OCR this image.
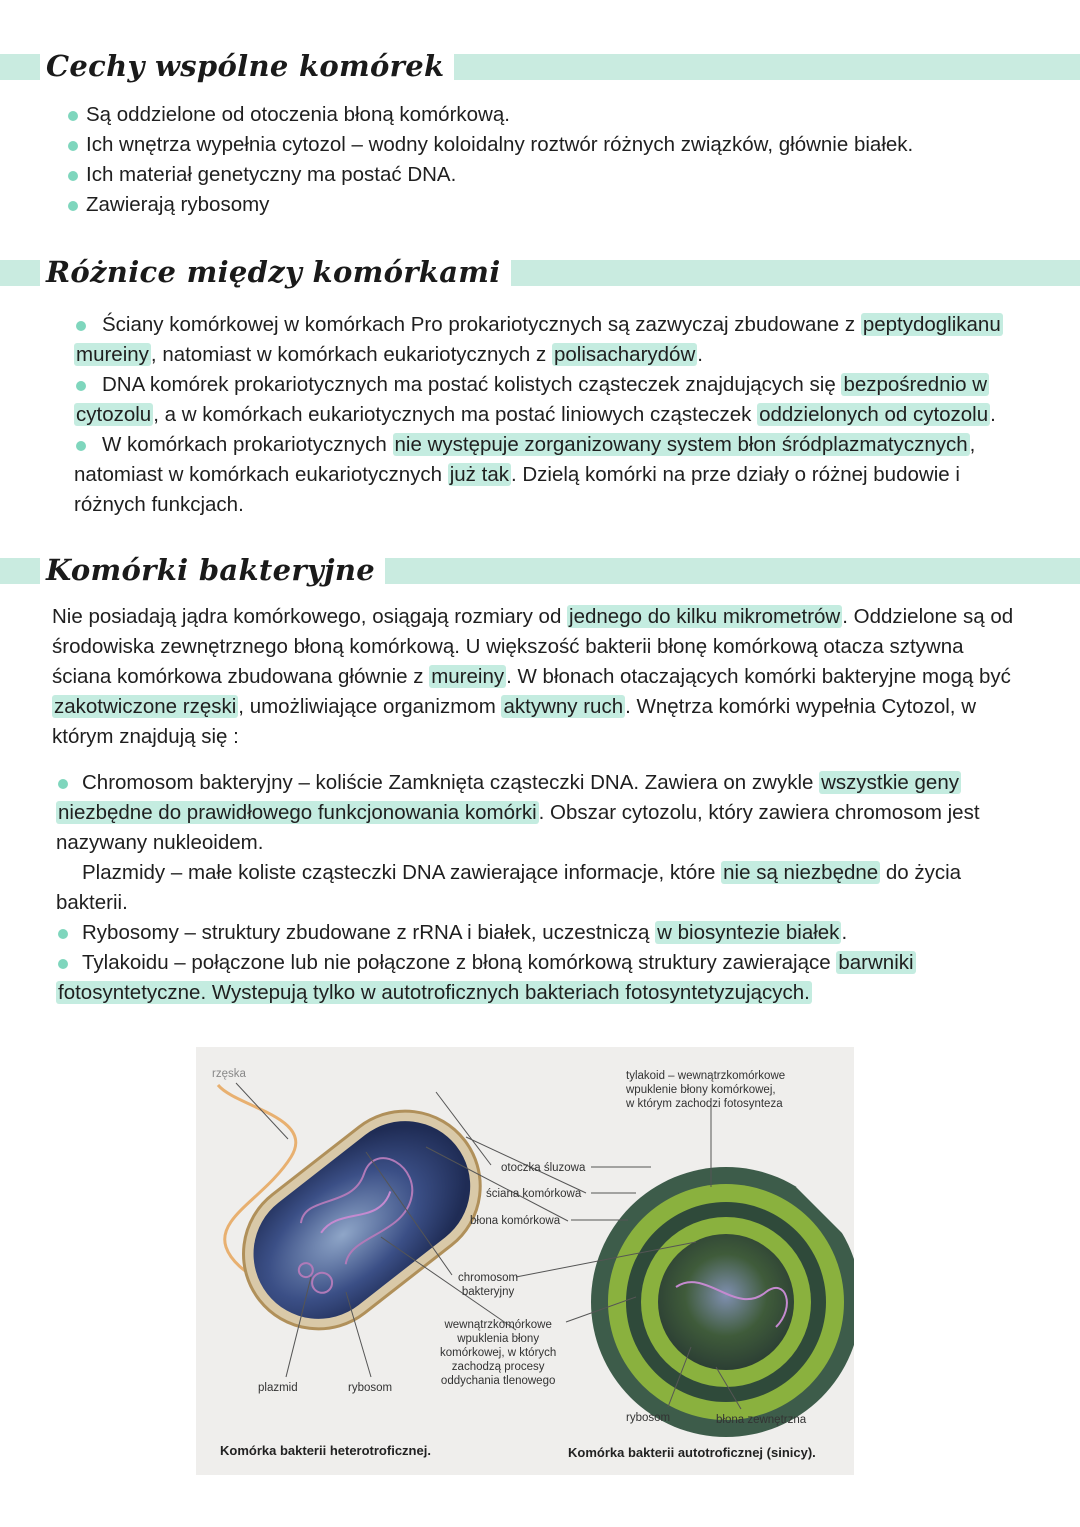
Cechy wspólne komórek
Są oddzielone od otoczenia błoną komórkową.
Ich wnętrza wypełnia cytozol – wodny koloidalny roztwór różnych związków, głównie białek.
Ich materiał genetyczny ma postać DNA.
Zawierają rybosomy
Różnice między komórkami
Ściany komórkowej w komórkach Pro prokariotycznych są zazwyczaj zbudowane z peptydoglikanu
mureiny, natomiast w komórkach eukariotycznych z polisacharydów.
DNA komórek prokariotycznych ma postać kolistych cząsteczek znajdujących się bezpośrednio w
cytozolu, a w komórkach eukariotycznych ma postać liniowych cząsteczek oddzielonych od cytozolu.
W komórkach prokariotycznych nie występuje zorganizowany system błon śródplazmatycznych,
natomiast w komórkach eukariotycznych już tak. Dzielą komórki na prze działy o różnej budowie i
różnych funkcjach.
Komórki bakteryjne
Nie posiadają jądra komórkowego, osiągają rozmiary od jednego do kilku mikrometrów. Oddzielone są od
środowiska zewnętrznego błoną komórkową. U większość bakterii błonę komórkową otacza sztywna
ściana komórkowa zbudowana głównie z mureiny. W błonach otaczających komórki bakteryjne mogą być
zakotwiczone rzęski, umożliwiające organizmom aktywny ruch. Wnętrza komórki wypełnia Cytozol, w
którym znajdują się :
Chromosom bakteryjny – koliście Zamknięta cząsteczki DNA. Zawiera on zwykle wszystkie geny
niezbędne do prawidłowego funkcjonowania komórki. Obszar cytozolu, który zawiera chromosom jest
nazywany nukleoidem.
Plazmidy – małe koliste cząsteczki DNA zawierające informacje, które nie są niezbędne do życia
bakterii.
Rybosomy – struktury zbudowane z rRNA i białek, uczestniczą w biosyntezie białek.
Tylakoidu – połączone lub nie połączone z błoną komórkową struktury zawierające barwniki
fotosyntetyczne. Wystepują tylko w autotroficznych bakteriach fotosyntetyzujących.
rzęska
otoczka śluzowa
ściana komórkowa
błona komórkowa
chromosom
bakteryjny
wewnątrzkomórkowe
wpuklenia błony
komórkowej, w których
zachodzą procesy
oddychania tlenowego
plazmid	rybosom
tylakoid – wewnątrzkomórkowe
wpuklenie błony komórkowej,
w którym zachodzi fotosynteza
rybosom	błona zewnętrzna
Komórka bakterii heterotroficznej.	Komórka bakterii autotroficznej (sinicy).
